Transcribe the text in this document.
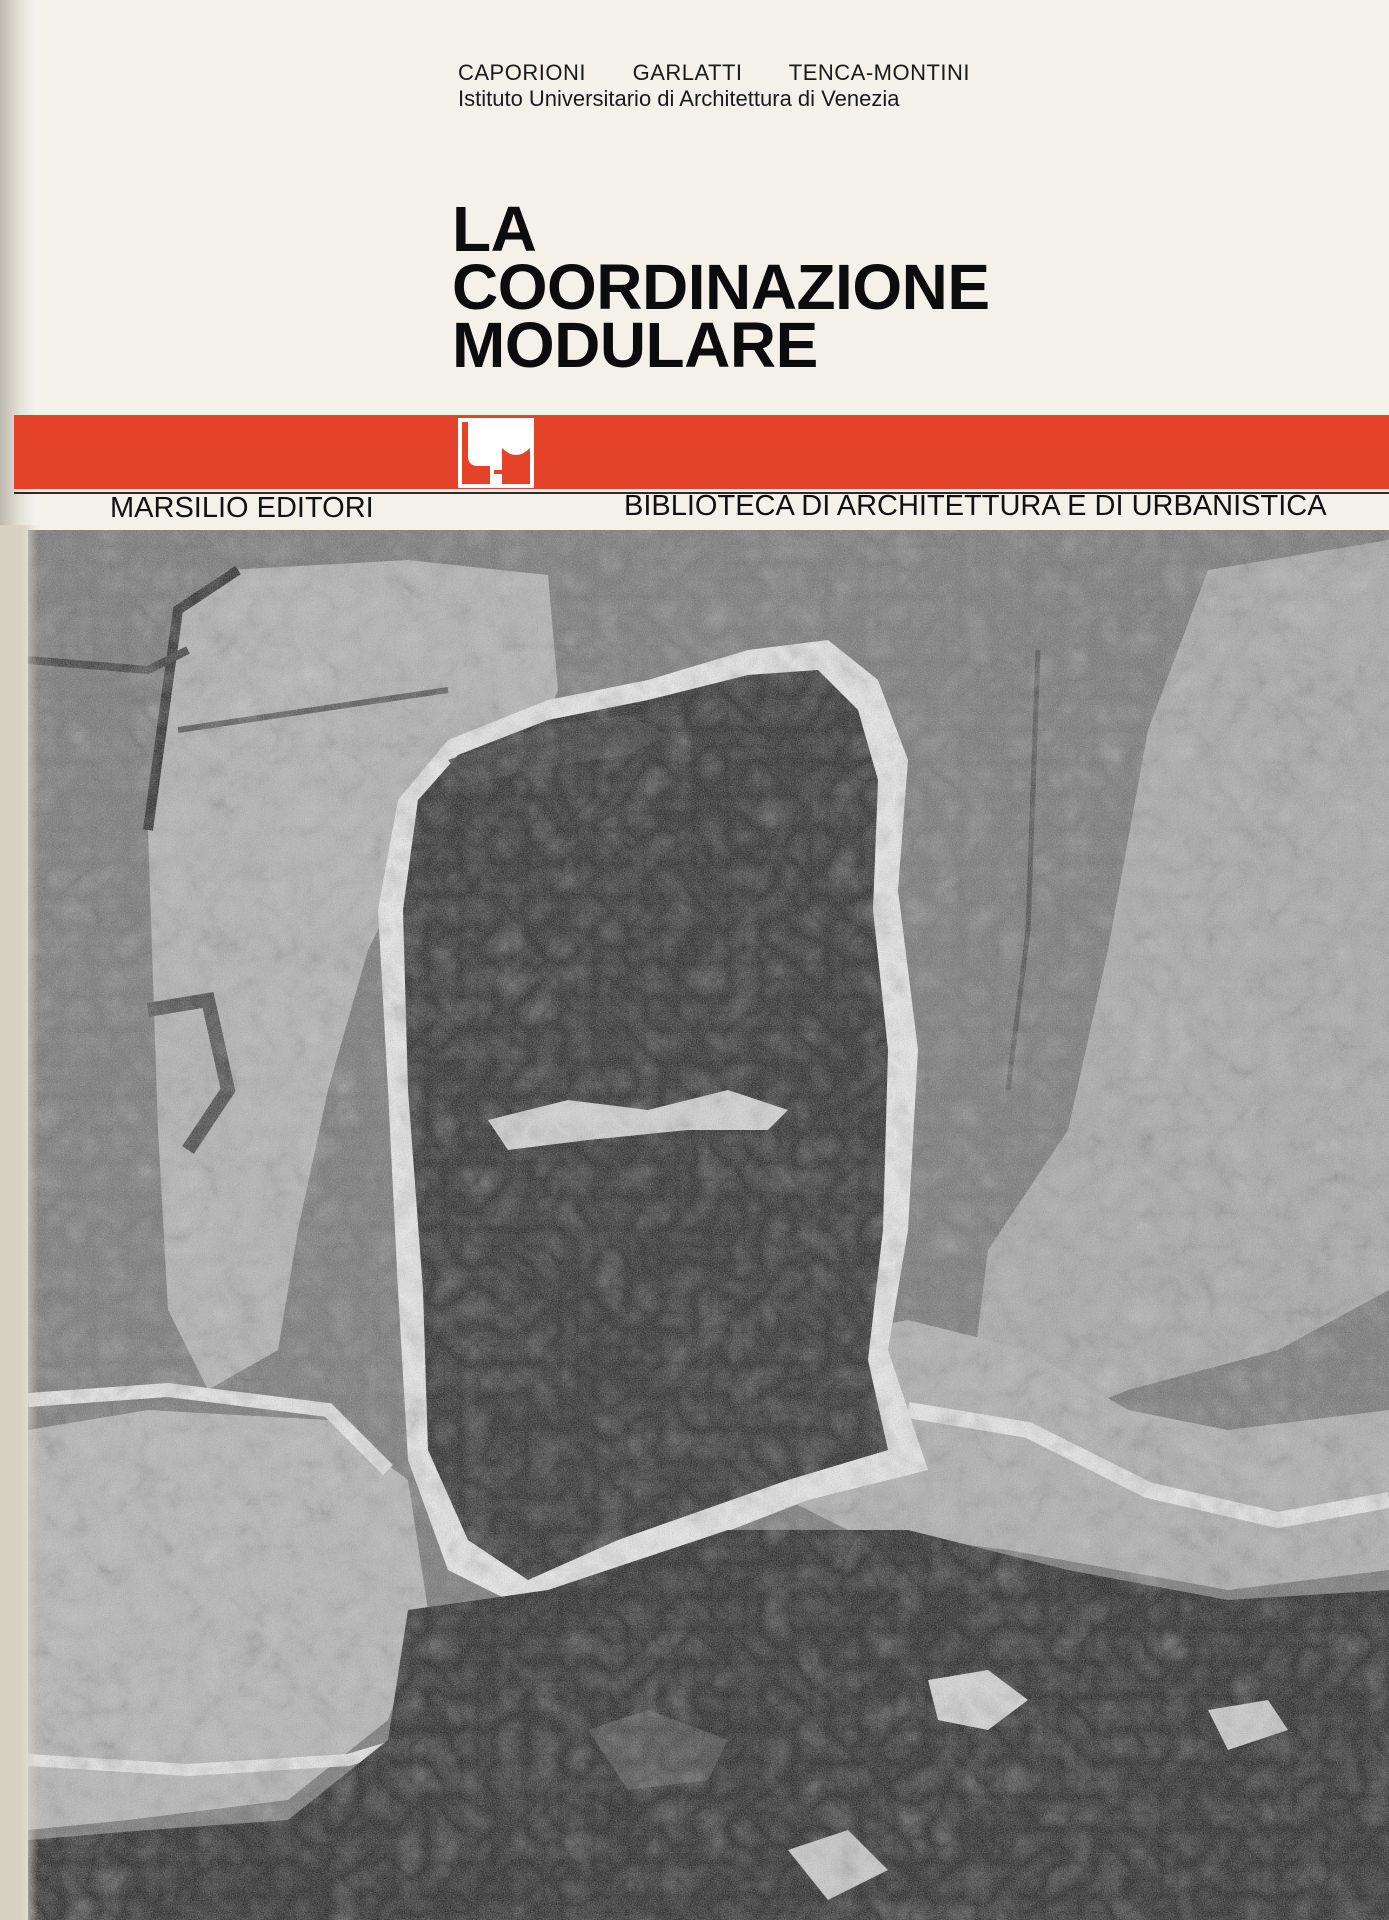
CAPORIONI GARLATTI TENCA-MONTINI
Istituto Universitario di Architettura di Venezia
LA
COORDINAZIONE
MODULARE
MARSILIO EDITORI	BIBLIOTECA DI ARCHITETTURA E DI URBANISTICA
